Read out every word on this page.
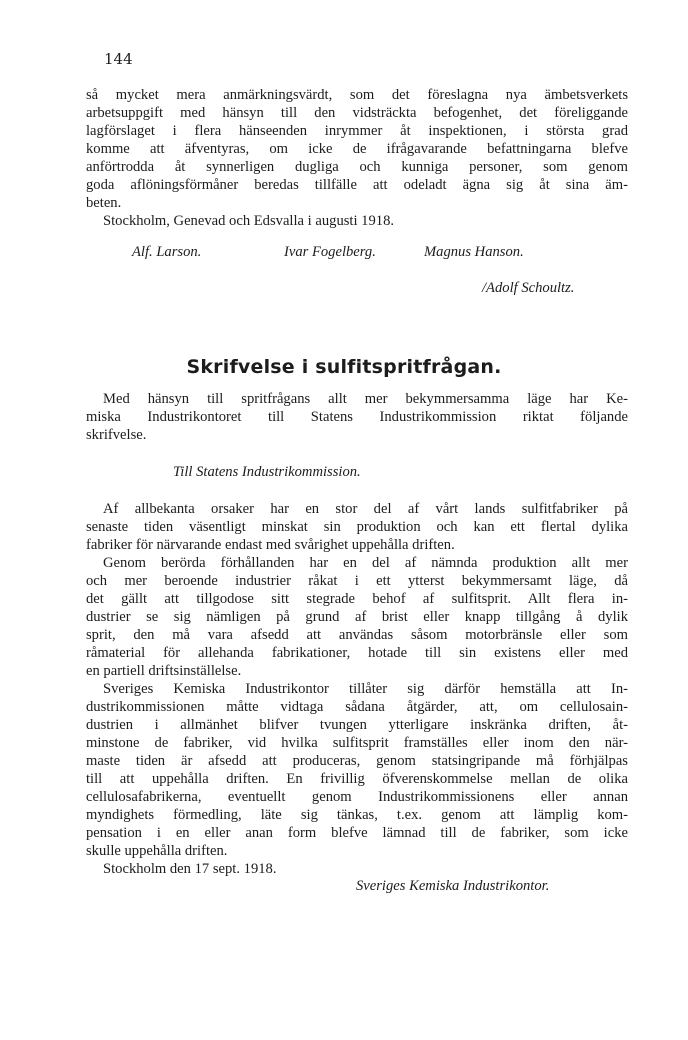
144
så mycket mera anmärkningsvärdt, som det föreslagna nya ämbetsverkets
arbetsuppgift med hänsyn till den vidsträckta befogenhet, det föreliggande
lagförslaget i flera hänseenden inrymmer åt inspektionen, i största grad
komme att äfventyras, om icke de ifrågavarande befattningarna blefve
anförtrodda åt synnerligen dugliga och kunniga personer, som genom
goda aflöningsförmåner beredas tillfälle att odeladt ägna sig åt sina äm-
beten.
Stockholm, Genevad och Edsvalla i augusti 1918.
Alf. Larson.	Ivar Fogelberg.	Magnus Hanson.
/Adolf Schoultz.
Skrifvelse i sulfitspritfrågan.
Med hänsyn till spritfrågans allt mer bekymmersamma läge har Ke-
miska Industrikontoret till Statens Industrikommission riktat följande
skrifvelse.
Till Statens Industrikommission.
Af allbekanta orsaker har en stor del af vårt lands sulfitfabriker på
senaste tiden väsentligt minskat sin produktion och kan ett flertal dylika
fabriker för närvarande endast med svårighet uppehålla driften.
Genom berörda förhållanden har en del af nämnda produktion allt mer
och mer beroende industrier råkat i ett ytterst bekymmersamt läge, då
det gällt att tillgodose sitt stegrade behof af sulfitsprit. Allt flera in-
dustrier se sig nämligen på grund af brist eller knapp tillgång å dylik
sprit, den må vara afsedd att användas såsom motorbränsle eller som
råmaterial för allehanda fabrikationer, hotade till sin existens eller med
en partiell driftsinställelse.
Sveriges Kemiska Industrikontor tillåter sig därför hemställa att In-
dustrikommissionen måtte vidtaga sådana åtgärder, att, om cellulosain-
dustrien i allmänhet blifver tvungen ytterligare inskränka driften, åt-
minstone de fabriker, vid hvilka sulfitsprit framställes eller inom den när-
maste tiden är afsedd att produceras, genom statsingripande må förhjälpas
till att uppehålla driften. En frivillig öfverenskommelse mellan de olika
cellulosafabrikerna, eventuellt genom Industrikommissionens eller annan
myndighets förmedling, läte sig tänkas, t.ex. genom att lämplig kom-
pensation i en eller anan form blefve lämnad till de fabriker, som icke
skulle uppehålla driften.
Stockholm den 17 sept. 1918.
Sveriges Kemiska Industrikontor.
